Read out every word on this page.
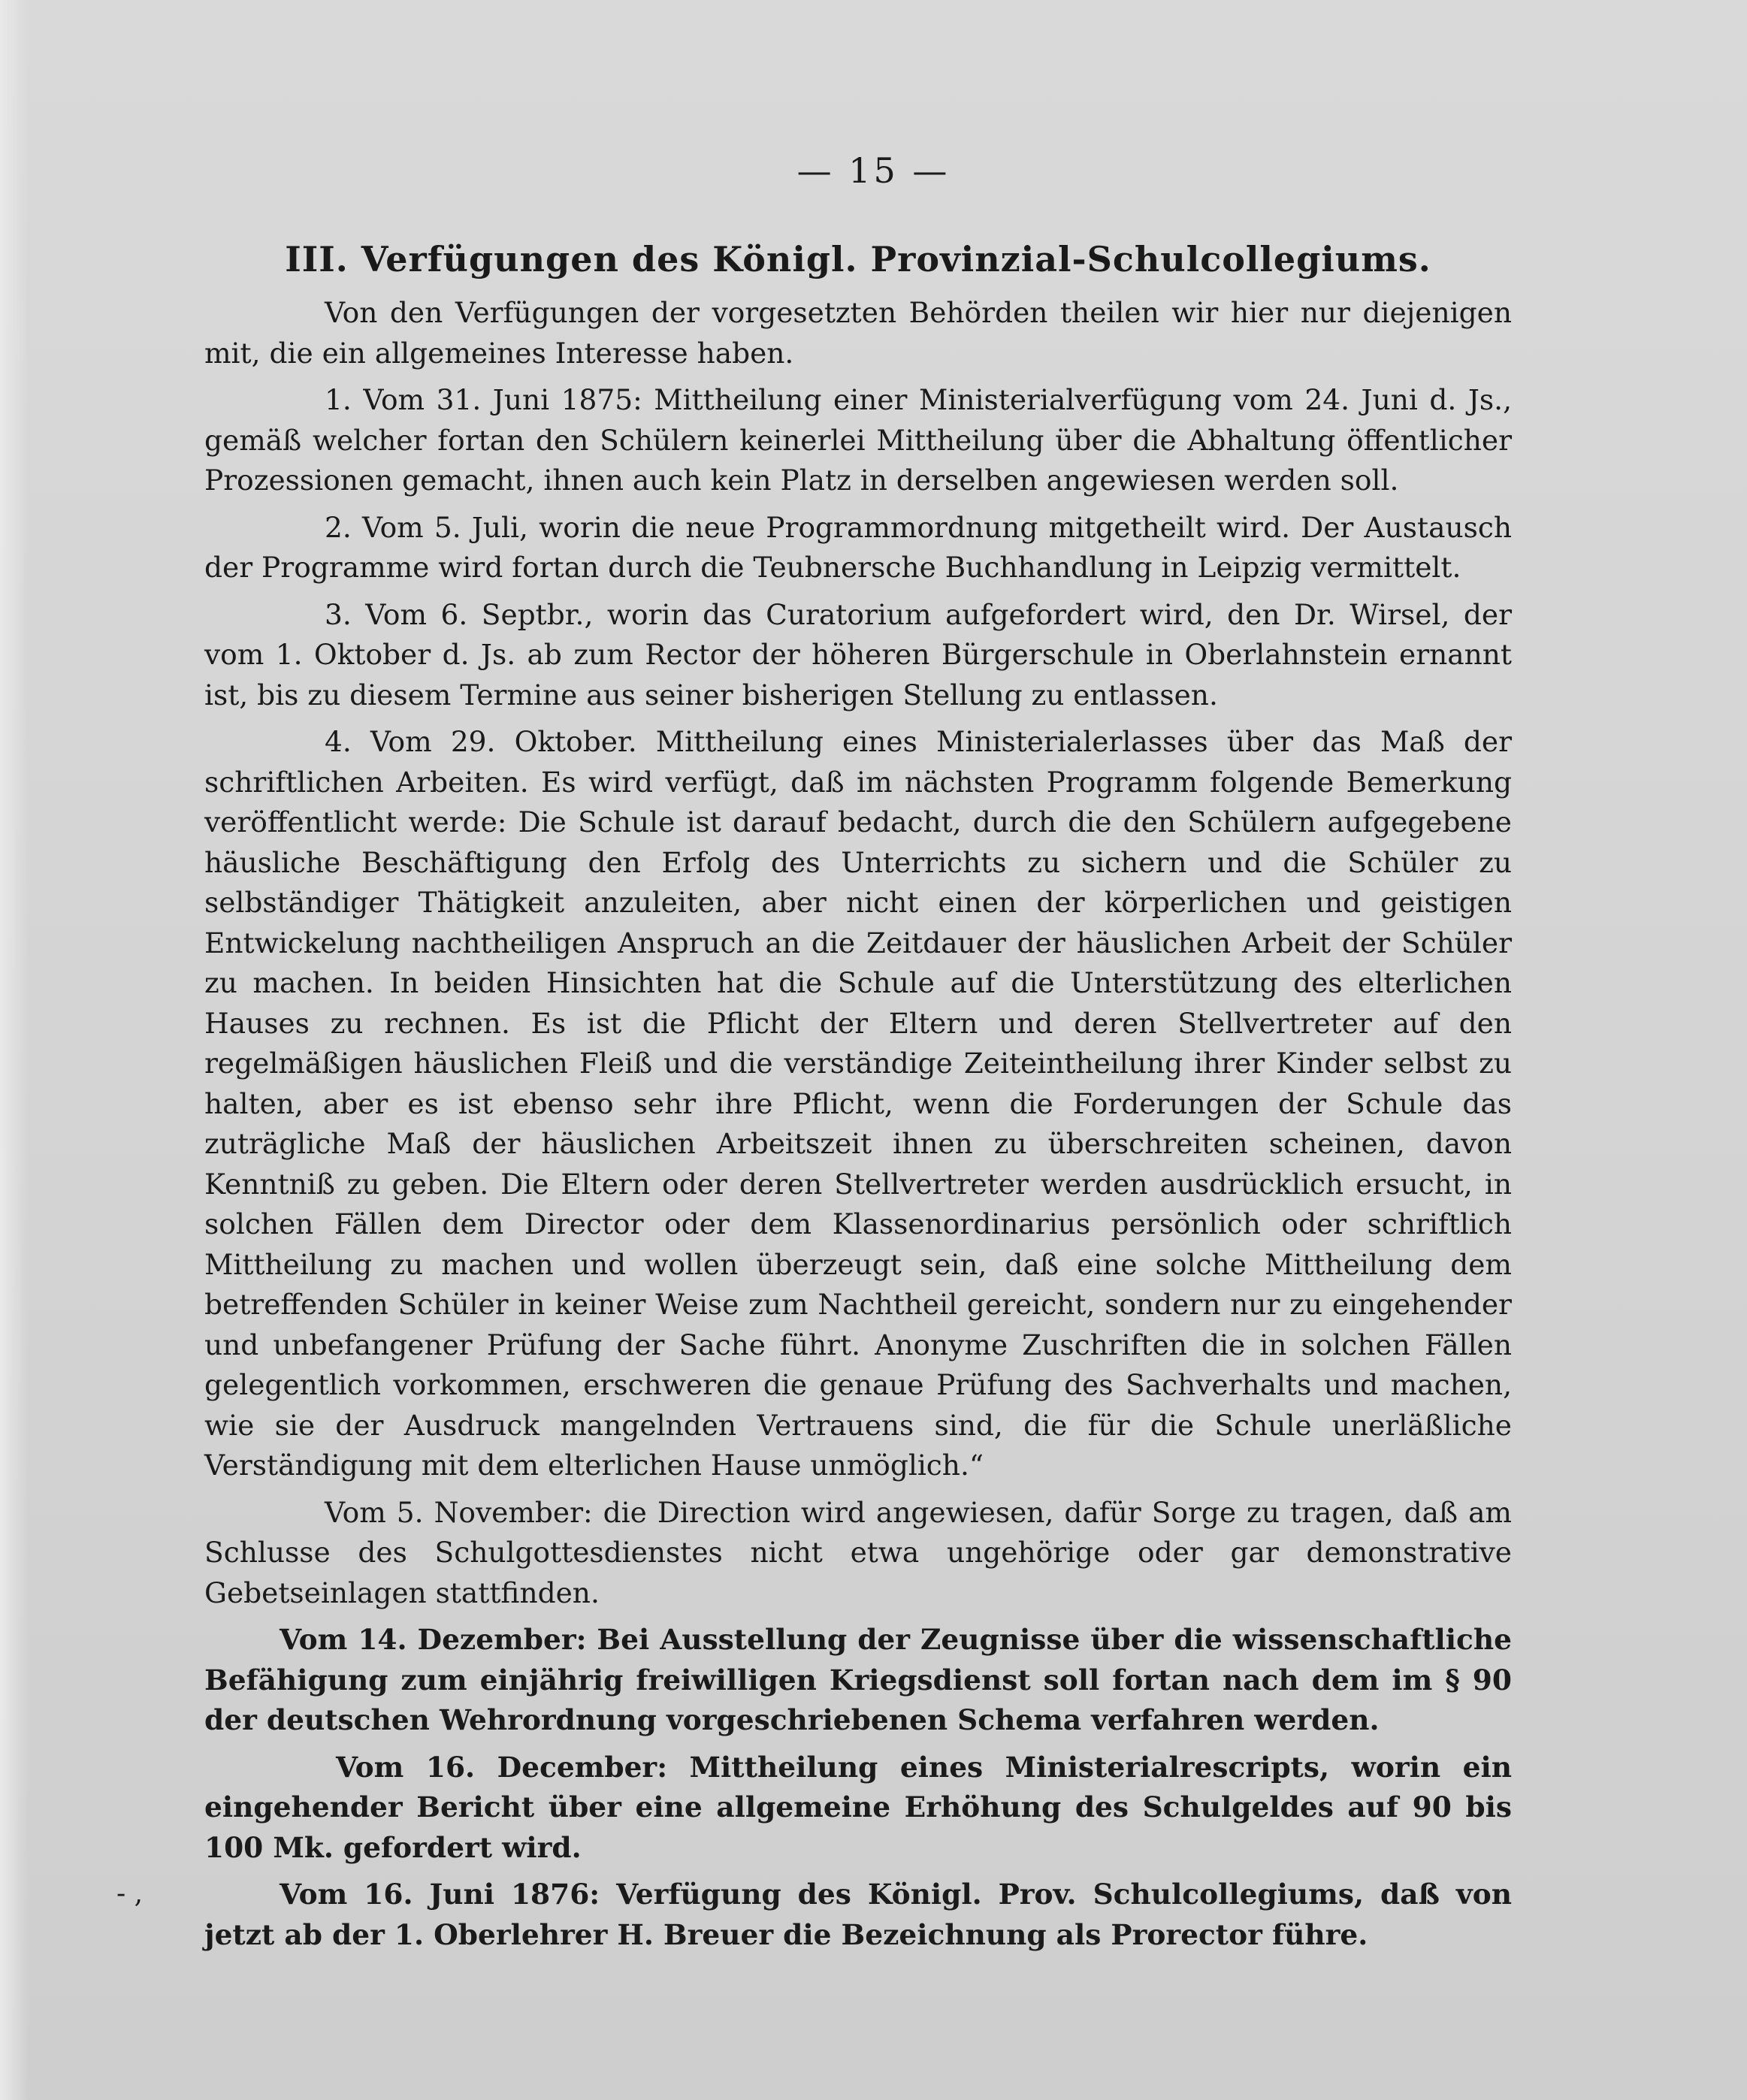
— 15 —
III. Verfügungen des Königl. Provinzial-Schulcollegiums.

Von den Verfügungen der vorgesetzten Behörden theilen wir hier nur diejenigen mit, die ein allgemeines Interesse haben.

1. Vom 31. Juni 1875: Mittheilung einer Ministerialverfügung vom 24. Juni d. Js., gemäß welcher fortan den Schülern keinerlei Mittheilung über die Abhaltung öffentlicher Prozessionen gemacht, ihnen auch kein Platz in derselben angewiesen werden soll.

2. Vom 5. Juli, worin die neue Programmordnung mitgetheilt wird. Der Austausch der Programme wird fortan durch die Teubnersche Buchhandlung in Leipzig vermittelt.

3. Vom 6. Septbr., worin das Curatorium aufgefordert wird, den Dr. Wirsel, der vom 1. Oktober d. Js. ab zum Rector der höheren Bürgerschule in Oberlahnstein ernannt ist, bis zu diesem Termine aus seiner bisherigen Stellung zu entlassen.

4. Vom 29. Oktober. Mittheilung eines Ministerialerlasses über das Maß der schriftlichen Arbeiten. Es wird verfügt, daß im nächsten Programm folgende Bemerkung veröffentlicht werde: Die Schule ist darauf bedacht, durch die den Schülern aufgegebene häusliche Beschäftigung den Erfolg des Unterrichts zu sichern und die Schüler zu selbständiger Thätigkeit anzuleiten, aber nicht einen der körperlichen und geistigen Entwickelung nachtheiligen Anspruch an die Zeitdauer der häuslichen Arbeit der Schüler zu machen. In beiden Hinsichten hat die Schule auf die Unterstützung des elterlichen Hauses zu rechnen. Es ist die Pflicht der Eltern und deren Stellvertreter auf den regelmäßigen häuslichen Fleiß und die verständige Zeiteintheilung ihrer Kinder selbst zu halten, aber es ist ebenso sehr ihre Pflicht, wenn die Forderungen der Schule das zuträgliche Maß der häuslichen Arbeitszeit ihnen zu überschreiten scheinen, davon Kenntniß zu geben. Die Eltern oder deren Stellvertreter werden ausdrücklich ersucht, in solchen Fällen dem Director oder dem Klassenordinarius persönlich oder schriftlich Mittheilung zu machen und wollen überzeugt sein, daß eine solche Mittheilung dem betreffenden Schüler in keiner Weise zum Nachtheil gereicht, sondern nur zu eingehender und unbefangener Prüfung der Sache führt. Anonyme Zuschriften die in solchen Fällen gelegentlich vorkommen, erschweren die genaue Prüfung des Sachverhalts und machen, wie sie der Ausdruck mangelnden Vertrauens sind, die für die Schule unerläßliche Verständigung mit dem elterlichen Hause unmöglich.“

Vom 5. November: die Direction wird angewiesen, dafür Sorge zu tragen, daß am Schlusse des Schulgottesdienstes nicht etwa ungehörige oder gar demonstrative Gebetseinlagen stattfinden.

Vom 14. Dezember: Bei Ausstellung der Zeugnisse über die wissenschaftliche Befähigung zum einjährig freiwilligen Kriegsdienst soll fortan nach dem im § 90 der deutschen Wehrordnung vorgeschriebenen Schema verfahren werden.

Vom 16. December: Mittheilung eines Ministerialrescripts, worin ein eingehender Bericht über eine allgemeine Erhöhung des Schulgeldes auf 90 bis 100 Mk. gefordert wird.

Vom 16. Juni 1876: Verfügung des Königl. Prov. Schulcollegiums, daß von jetzt ab der 1. Oberlehrer H. Breuer die Bezeichnung als Prorector führe.

- ,
